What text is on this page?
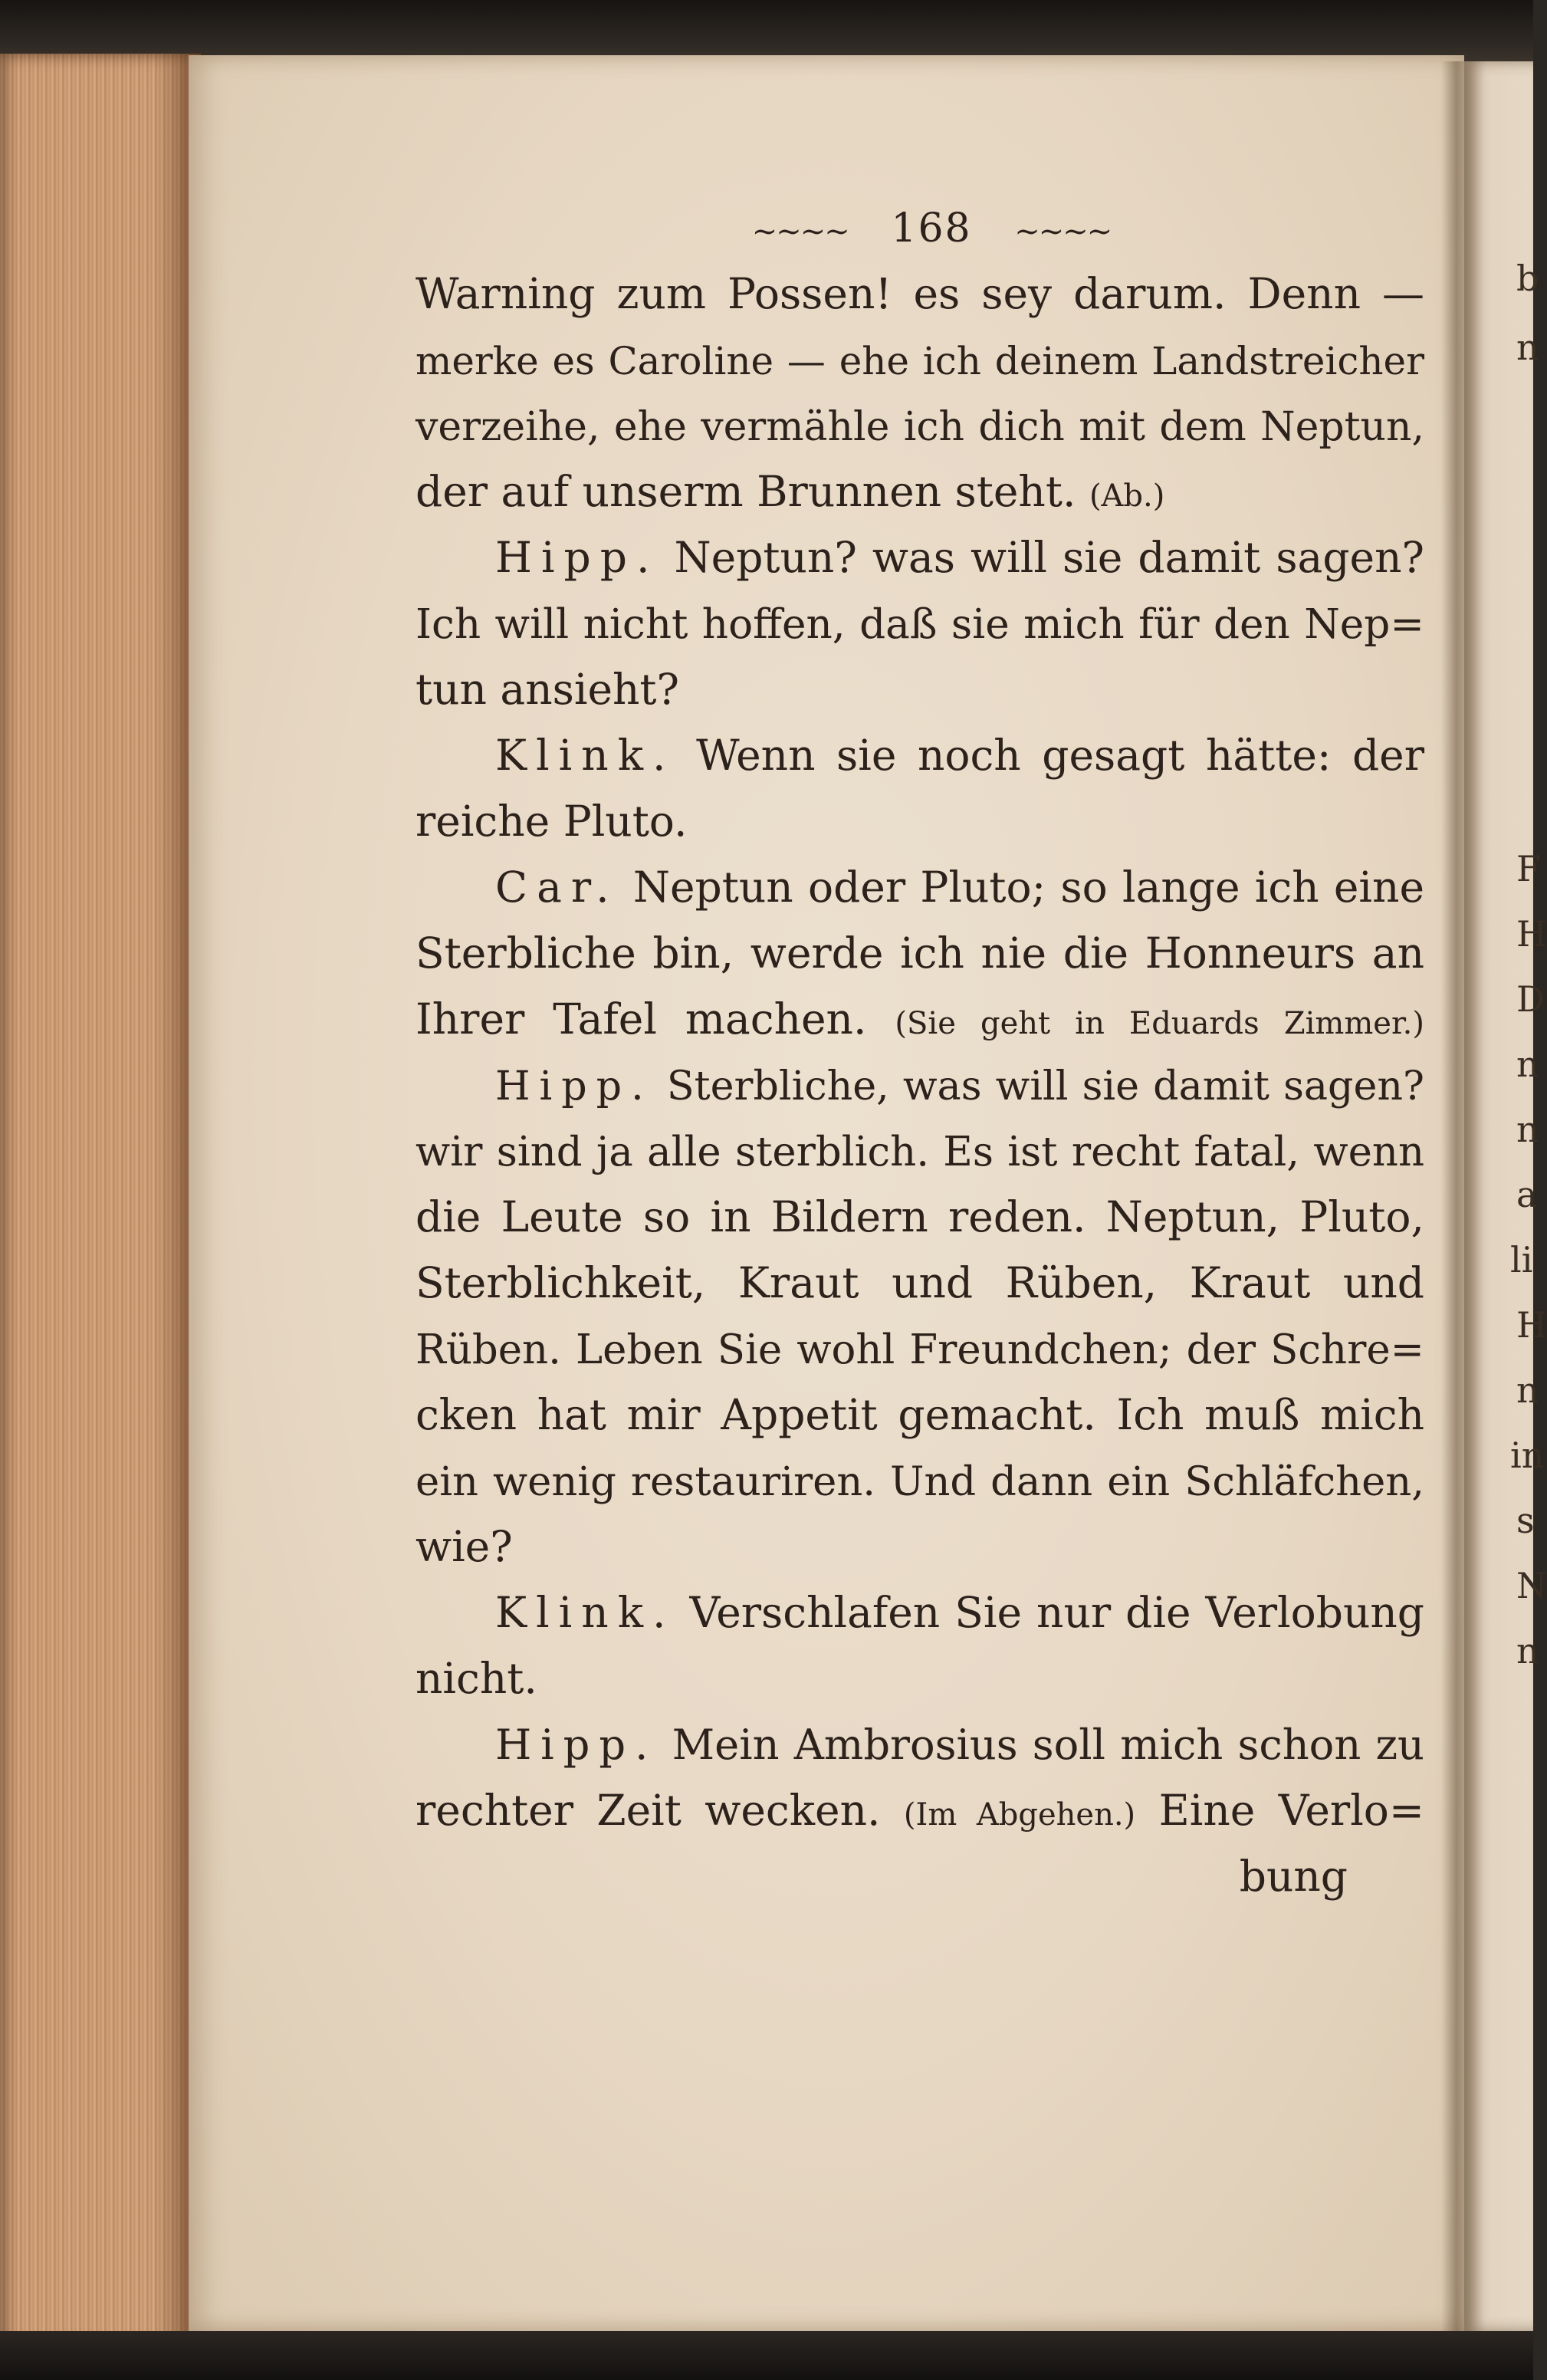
b
n
F
H
D
n
n
a
li
H
n
in
s
N
n
~~~~ 168 ~~~~
Warning zum Possen! es sey darum. Denn —
merke es Caroline — ehe ich deinem Landstreicher
verzeihe, ehe vermähle ich dich mit dem Neptun,
der auf unserm Brunnen steht. (Ab.)
Hipp. Neptun? was will sie damit sagen?
Ich will nicht hoffen, daß sie mich für den Nep=
tun ansieht?
Klink. Wenn sie noch gesagt hätte: der
reiche Pluto.
Car. Neptun oder Pluto; so lange ich eine
Sterbliche bin, werde ich nie die Honneurs an
Ihrer Tafel machen. (Sie geht in Eduards Zimmer.)
Hipp. Sterbliche, was will sie damit sagen?
wir sind ja alle sterblich. Es ist recht fatal, wenn
die Leute so in Bildern reden. Neptun, Pluto,
Sterblichkeit, Kraut und Rüben, Kraut und
Rüben. Leben Sie wohl Freundchen; der Schre=
cken hat mir Appetit gemacht. Ich muß mich
ein wenig restauriren. Und dann ein Schläfchen,
wie?
Klink. Verschlafen Sie nur die Verlobung
nicht.
Hipp. Mein Ambrosius soll mich schon zu
rechter Zeit wecken. (Im Abgehen.) Eine Verlo=
bung
